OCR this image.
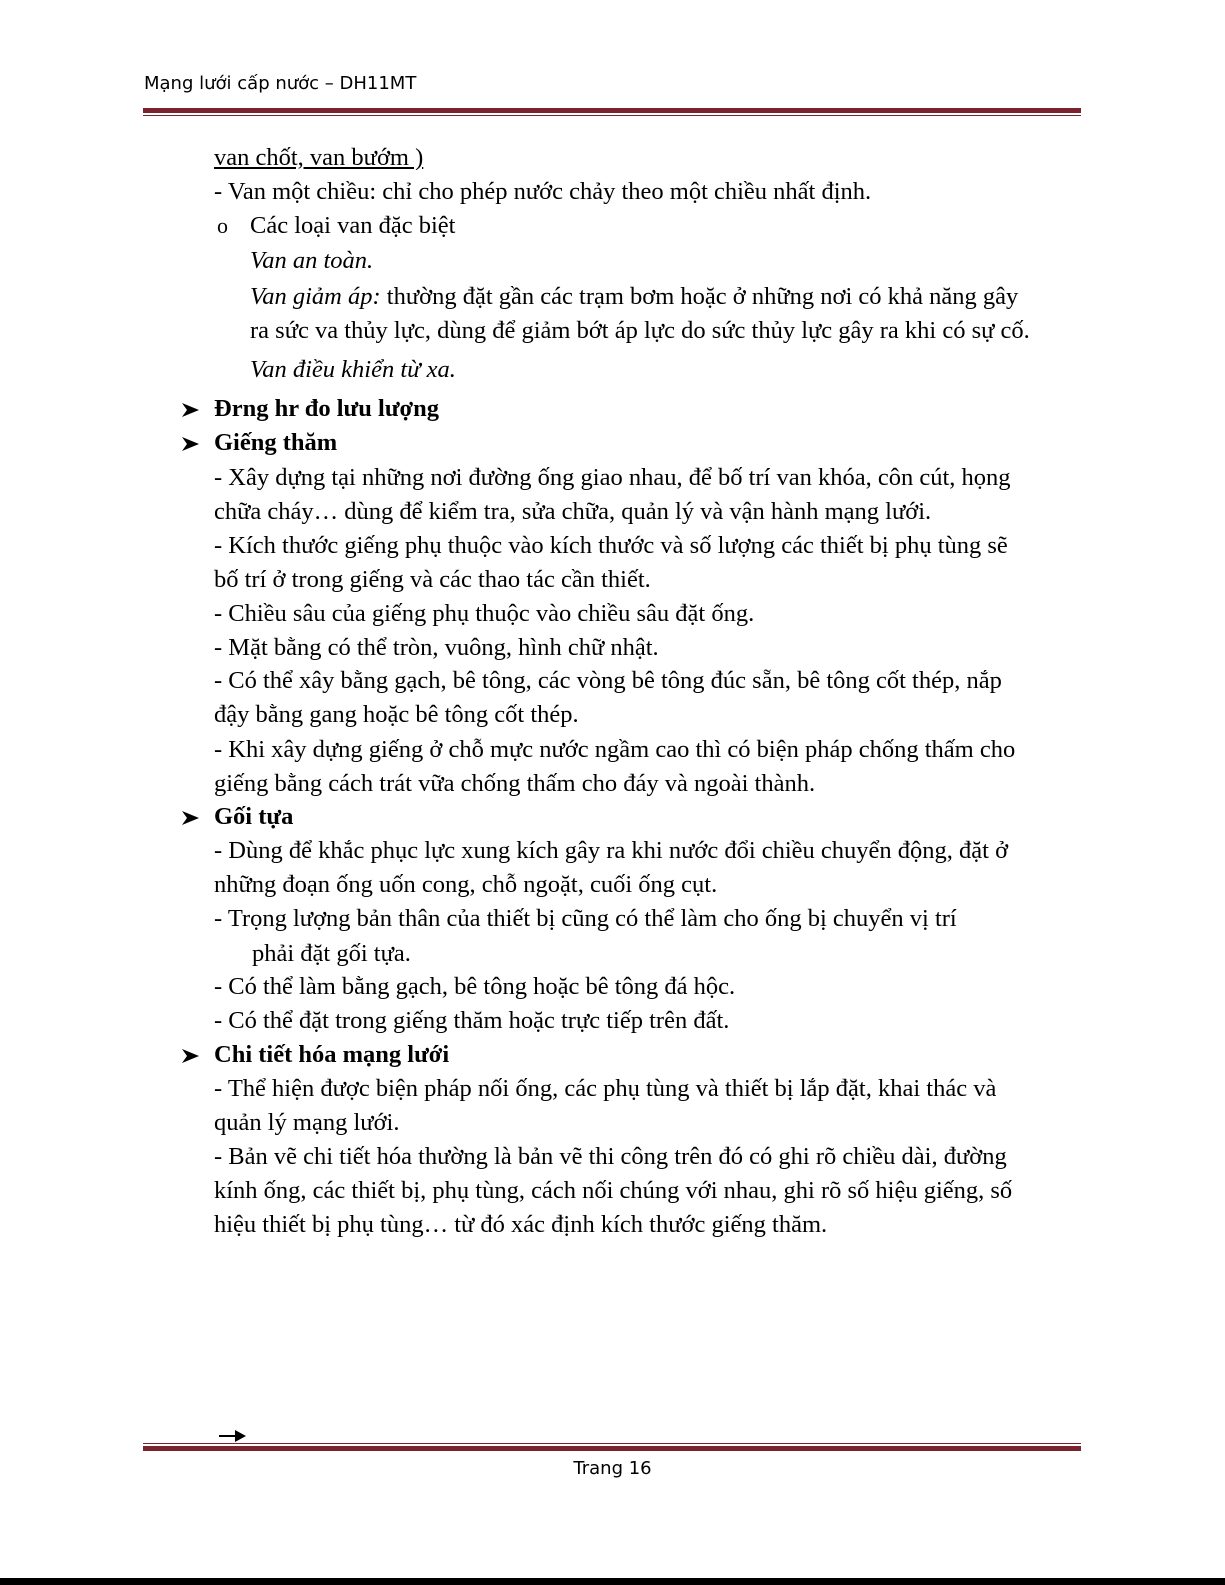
Mạng lưới cấp nước – DH11MT
van chốt, van bướm )
- Van một chiều: chỉ cho phép nước chảy theo một chiều nhất định.
o Các loại van đặc biệt
Van an toàn.
Van giảm áp: thường đặt gần các trạm bơm hoặc ở những nơi có khả năng gây
ra sức va thủy lực, dùng để giảm bớt áp lực do sức thủy lực gây ra khi có sự cố.
Van điều khiển từ xa.
Đrng hr đo lưu lượng
Giếng thăm
- Xây dựng tại những nơi đường ống giao nhau, để bố trí van khóa, côn cút, họng
chữa cháy… dùng để kiểm tra, sửa chữa, quản lý và vận hành mạng lưới.
- Kích thước giếng phụ thuộc vào kích thước và số lượng các thiết bị phụ tùng sẽ
bố trí ở trong giếng và các thao tác cần thiết.
- Chiều sâu của giếng phụ thuộc vào chiều sâu đặt ống.
- Mặt bằng có thể tròn, vuông, hình chữ nhật.
- Có thể xây bằng gạch, bê tông, các vòng bê tông đúc sẵn, bê tông cốt thép, nắp
đậy bằng gang hoặc bê tông cốt thép.
- Khi xây dựng giếng ở chỗ mực nước ngầm cao thì có biện pháp chống thấm cho
giếng bằng cách trát vữa chống thấm cho đáy và ngoài thành.
Gối tựa
- Dùng để khắc phục lực xung kích gây ra khi nước đổi chiều chuyển động, đặt ở
những đoạn ống uốn cong, chỗ ngoặt, cuối ống cụt.
- Trọng lượng bản thân của thiết bị cũng có thể làm cho ống bị chuyển vị trí
phải đặt gối tựa.
- Có thể làm bằng gạch, bê tông hoặc bê tông đá hộc.
- Có thể đặt trong giếng thăm hoặc trực tiếp trên đất.
Chi tiết hóa mạng lưới
- Thể hiện được biện pháp nối ống, các phụ tùng và thiết bị lắp đặt, khai thác và
quản lý mạng lưới.
- Bản vẽ chi tiết hóa thường là bản vẽ thi công trên đó có ghi rõ chiều dài, đường
kính ống, các thiết bị, phụ tùng, cách nối chúng với nhau, ghi rõ số hiệu giếng, số
hiệu thiết bị phụ tùng… từ đó xác định kích thước giếng thăm.
Trang 16
